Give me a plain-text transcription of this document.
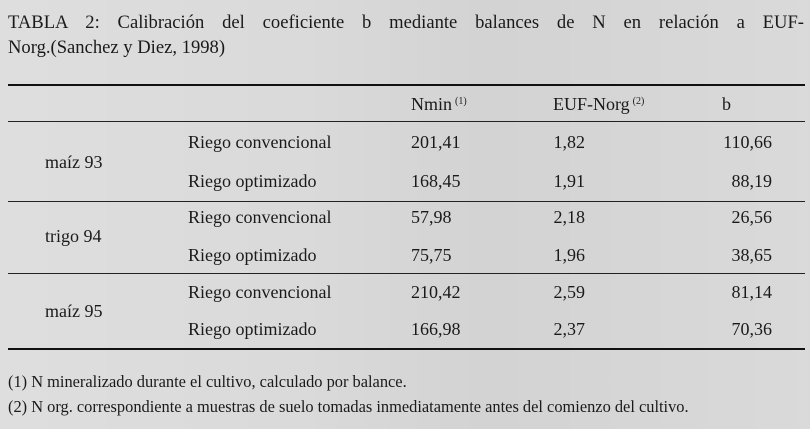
TABLA 2: Calibración del coeficiente b mediante balances de N en relación a EUF-
Norg.(Sanchez y Diez, 1998)
Nmin $^{(1)}$	EUF-Norg $^{(2)}$	b
maíz 93
Riego convencional	201,41	1,82	110,66
Riego optimizado	168,45	1,91	88,19
trigo 94
Riego convencional	57,98	2,18	26,56
Riego optimizado	75,75	1,96	38,65
maíz 95
Riego convencional	210,42	2,59	81,14
Riego optimizado	166,98	2,37	70,36
(1) N mineralizado durante el cultivo, calculado por balance.
(2) N org. correspondiente a muestras de suelo tomadas inmediatamente antes del comienzo del cultivo.
